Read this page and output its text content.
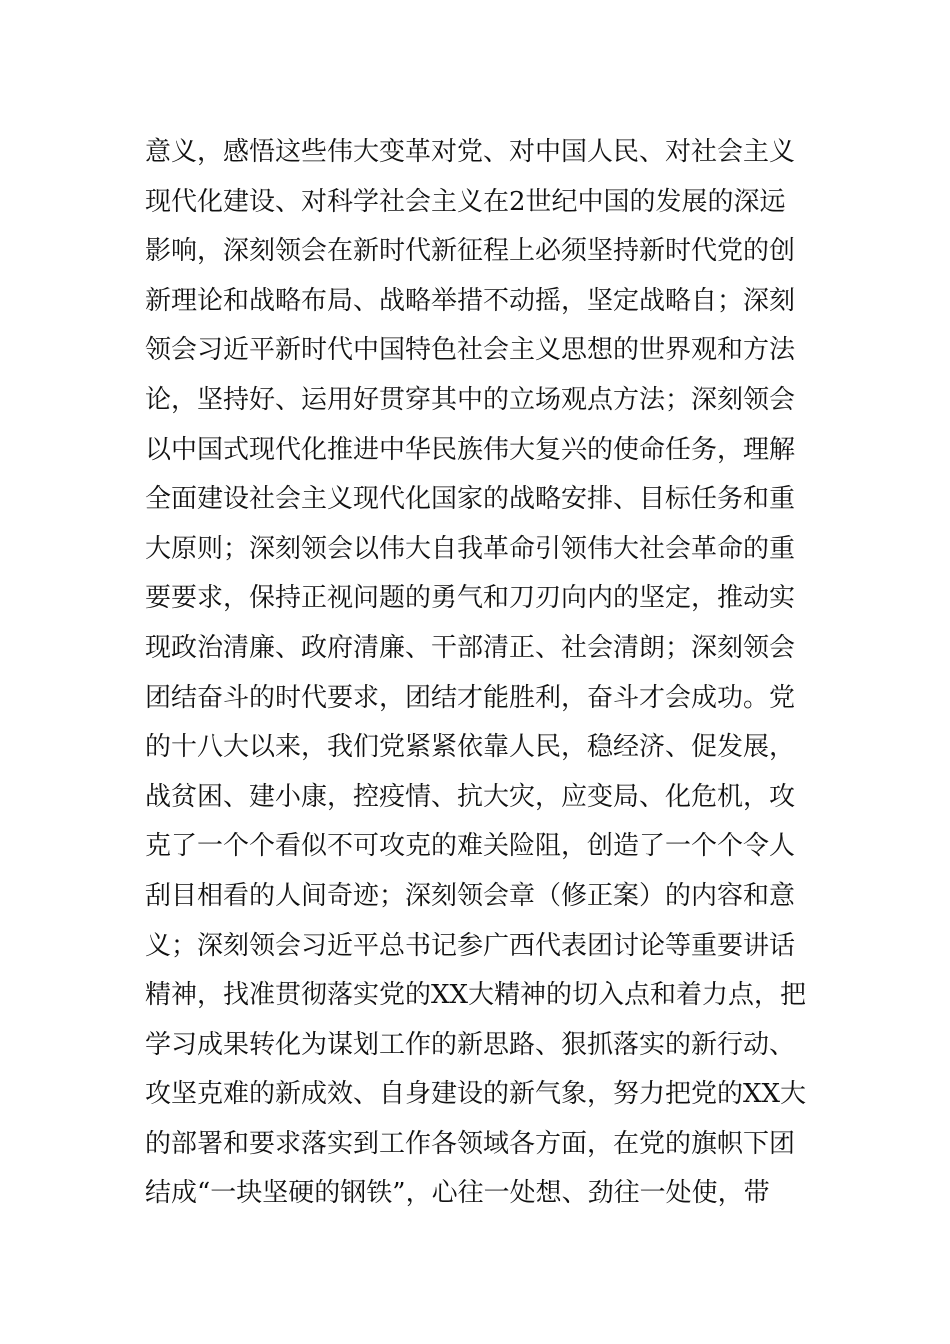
意义，感悟这些伟大变革对党、对中国人民、对社会主义
现代化建设、对科学社会主义在2世纪中国的发展的深远
影响，深刻领会在新时代新征程上必须坚持新时代党的创
新理论和战略布局、战略举措不动摇，坚定战略自；深刻
领会习近平新时代中国特色社会主义思想的世界观和方法
论，坚持好、运用好贯穿其中的立场观点方法；深刻领会
以中国式现代化推进中华民族伟大复兴的使命任务，理解
全面建设社会主义现代化国家的战略安排、目标任务和重
大原则；深刻领会以伟大自我革命引领伟大社会革命的重
要要求，保持正视问题的勇气和刀刃向内的坚定，推动实
现政治清廉、政府清廉、干部清正、社会清朗；深刻领会
团结奋斗的时代要求，团结才能胜利，奋斗才会成功。党
的十八大以来，我们党紧紧依靠人民，稳经济、促发展，
战贫困、建小康，控疫情、抗大灾，应变局、化危机，攻
克了一个个看似不可攻克的难关险阻，创造了一个个令人
刮目相看的人间奇迹；深刻领会章（修正案）的内容和意
义；深刻领会习近平总书记参广西代表团讨论等重要讲话
精神，找准贯彻落实党的XX大精神的切入点和着力点，把
学习成果转化为谋划工作的新思路、狠抓落实的新行动、
攻坚克难的新成效、自身建设的新气象，努力把党的XX大
的部署和要求落实到工作各领域各方面，在党的旗帜下团
结成“一块坚硬的钢铁”，心往一处想、劲往一处使，带
